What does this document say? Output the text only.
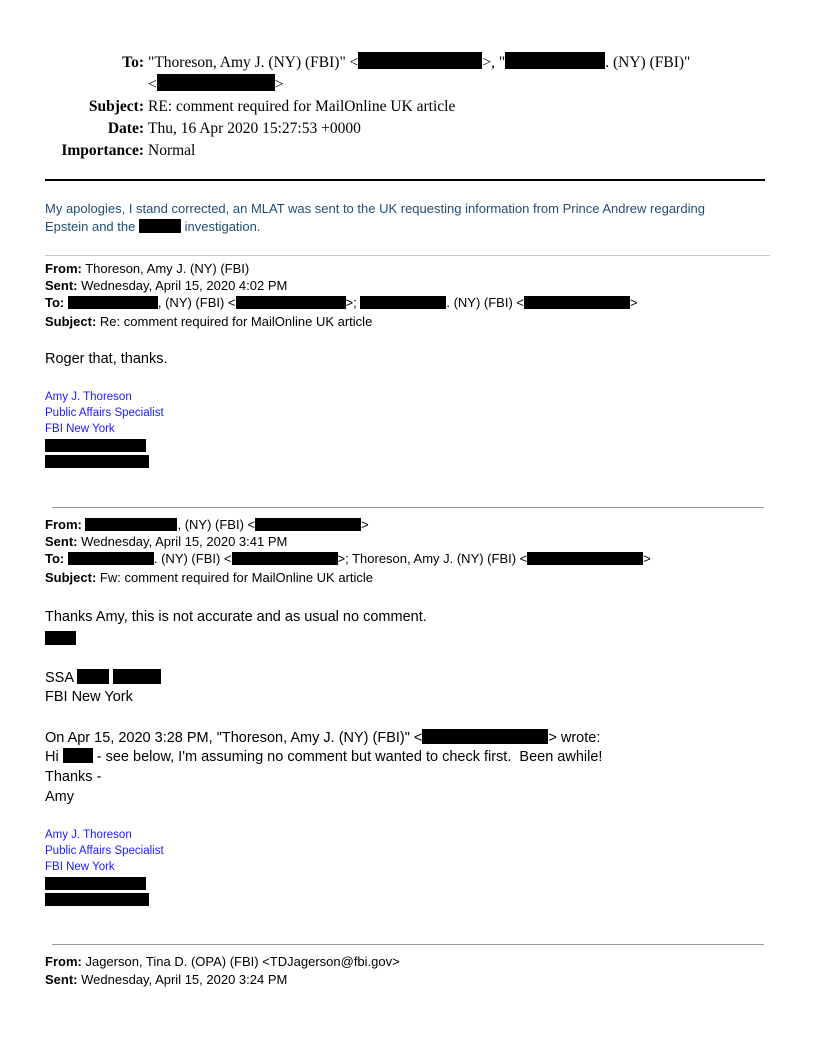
To: "Thoreson, Amy J. (NY) (FBI)" <	>, "	. (NY) (FBI)"
<	>
Subject: RE: comment required for MailOnline UK article
Date: Thu, 16 Apr 2020 15:27:53 +0000
Importance: Normal
My apologies, I stand corrected, an MLAT was sent to the UK requesting information from Prince Andrew regarding
Epstein and the	investigation.
From: Thoreson, Amy J. (NY) (FBI)
Sent: Wednesday, April 15, 2020 4:02 PM
To:	, (NY) (FBI) <	>;	. (NY) (FBI) <	>
Subject: Re: comment required for MailOnline UK article
Roger that, thanks.
Amy J. Thoreson
Public Affairs Specialist
FBI New York
From:	, (NY) (FBI) <	>
Sent: Wednesday, April 15, 2020 3:41 PM
To:	. (NY) (FBI) <	>; Thoreson, Amy J. (NY) (FBI) <	>
Subject: Fw: comment required for MailOnline UK article
Thanks Amy, this is not accurate and as usual no comment.
SSA
FBI New York
On Apr 15, 2020 3:28 PM, "Thoreson, Amy J. (NY) (FBI)" <	> wrote:
Hi  - see below, I'm assuming no comment but wanted to check first.  Been awhile!
Thanks -
Amy
Amy J. Thoreson
Public Affairs Specialist
FBI New York
From: Jagerson, Tina D. (OPA) (FBI) <TDJagerson@fbi.gov>
Sent: Wednesday, April 15, 2020 3:24 PM
